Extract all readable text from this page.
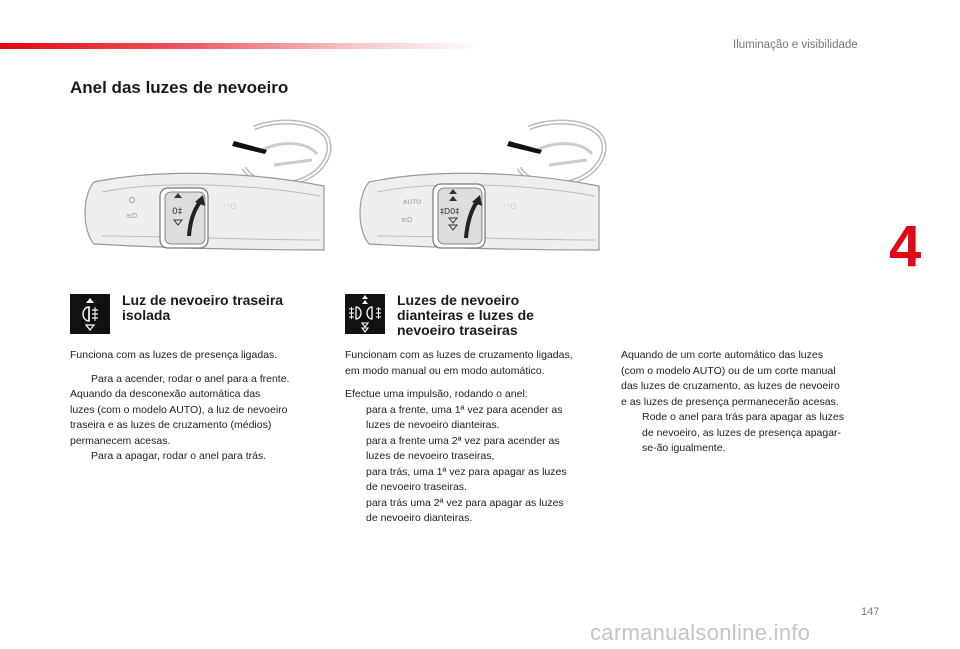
Iluminação e visibilidade
4
Anel das luzes de nevoeiro
0‡
≡D
◦◦○	AUTO
‡D0‡
≡D
◦◦○
Luz de nevoeiro traseira
isolada
Luzes de nevoeiro
dianteiras e luzes de
nevoeiro traseiras

Funciona com as luzes de presença ligadas.

Para a acender, rodar o anel para a frente.

Aquando da desconexão automática das

luzes (com o modelo AUTO), a luz de nevoeiro

traseira e as luzes de cruzamento (médios)

permanecem acesas.

Para a apagar, rodar o anel para trás.

Funcionam com as luzes de cruzamento ligadas,

em modo manual ou em modo automático.

Efectue uma impulsão, rodando o anel:

para a frente, uma 1ª vez para acender as
luzes de nevoeiro dianteiras.
para a frente uma 2ª vez para acender as
luzes de nevoeiro traseiras,
para trás, uma 1ª vez para apagar as luzes
de nevoeiro traseiras.
para trás uma 2ª vez para apagar as luzes
de nevoeiro dianteiras.

Aquando de um corte automático das luzes

(com o modelo AUTO) ou de um corte manual

das luzes de cruzamento, as luzes de nevoeiro

e as luzes de presença permanecerão acesas.

Rode o anel para trás para apagar as luzes
de nevoeiro, as luzes de presença apagar-
se-ão igualmente.
147
carmanualsonline.info
